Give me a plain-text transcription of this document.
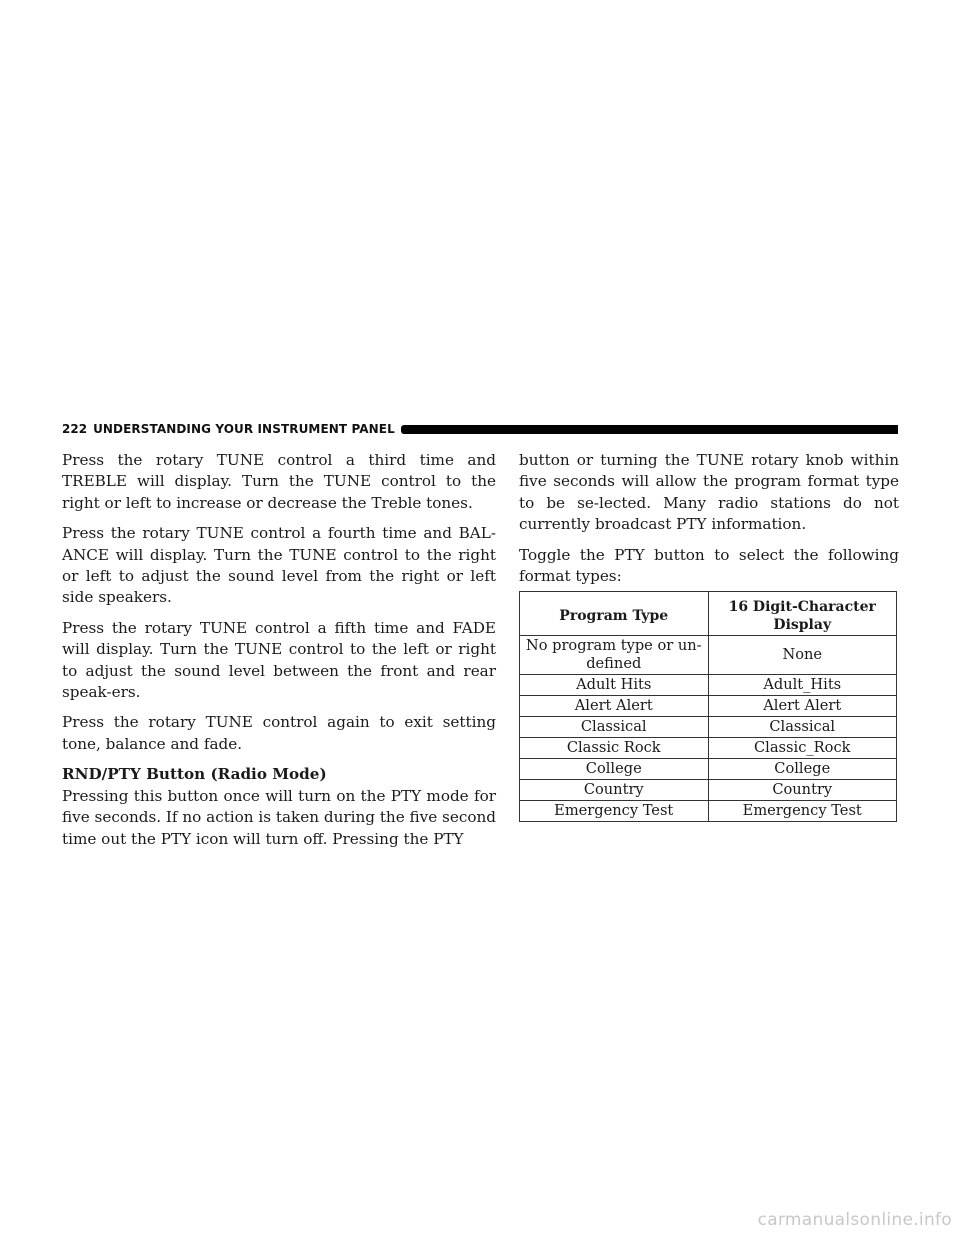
222 UNDERSTANDING YOUR INSTRUMENT PANEL

Press the rotary TUNE control a third time and TREBLE will display. Turn the TUNE control to the right or left to increase or decrease the Treble tones.

Press the rotary TUNE control a fourth time and BAL-ANCE will display. Turn the TUNE control to the right or left to adjust the sound level from the right or left side speakers.

Press the rotary TUNE control a fifth time and FADE will display. Turn the TUNE control to the left or right to adjust the sound level between the front and rear speak-ers.

Press the rotary TUNE control again to exit setting tone, balance and fade.

RND/PTY Button (Radio Mode)

Pressing this button once will turn on the PTY mode for five seconds. If no action is taken during the five second time out the PTY icon will turn off. Pressing the PTY

button or turning the TUNE rotary knob within five seconds will allow the program format type to be se-lected. Many radio stations do not currently broadcast PTY information.

Toggle the PTY button to select the following format types:

Program Type	16 Digit-Character Display
No program type or un-defined	None
Adult Hits	Adult_Hits
Alert Alert	Alert Alert
Classical	Classical
Classic Rock	Classic_Rock
College	College
Country	Country
Emergency Test	Emergency Test
carmanualsonline.info
